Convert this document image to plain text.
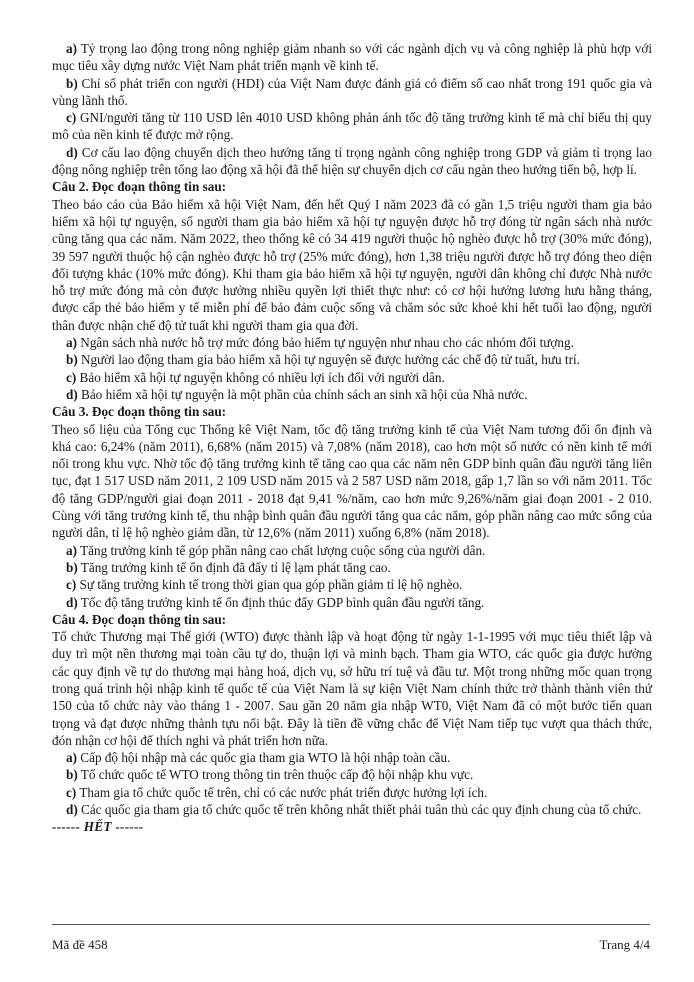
a) Tỷ trọng lao động trong nông nghiệp giảm nhanh so với các ngành dịch vụ và công nghiệp là phù hợp với mục tiêu xây dựng nước Việt Nam phát triển mạnh về kinh tế.

b) Chỉ số phát triển con người (HDI) của Việt Nam được đánh giá có điểm số cao nhất trong 191 quốc gia và vùng lãnh thổ.

c) GNI/người tăng từ 110 USD lên 4010 USD không phản ánh tốc độ tăng trưởng kinh tế mà chỉ biểu thị quy mô của nền kinh tế được mở rộng.

d) Cơ cấu lao động chuyển dịch theo hướng tăng tỉ trọng ngành công nghiệp trong GDP và giảm tỉ trọng lao động nông nghiệp trên tổng lao động xã hội đã thể hiện sự chuyển dịch cơ cấu ngàn theo hướng tiến bộ, hợp lí.

Câu 2. Đọc đoạn thông tin sau:

Theo báo cáo của Bảo hiểm xã hội Việt Nam, đến hết Quý I năm 2023 đã có gần 1,5 triệu người tham gia bảo hiểm xã hội tự nguyện, số người tham gia bảo hiểm xã hội tự nguyện được hỗ trợ đóng từ ngân sách nhà nước cũng tăng qua các năm. Năm 2022, theo thống kê có 34 419 người thuộc hộ nghèo được hỗ trợ (30% mức đóng), 39 597 người thuộc hộ cận nghèo được hỗ trợ (25% mức đóng), hơn 1,38 triệu người được hỗ trợ đóng theo diện đối tượng khác (10% mức đóng). Khi tham gia bảo hiểm xã hội tự nguyện, người dân không chỉ được Nhà nước hỗ trợ mức đóng mà còn được hưởng nhiều quyền lợi thiết thực như: có cơ hội hưởng lương hưu hằng tháng, được cấp thẻ bảo hiểm y tế miễn phí để bảo đảm cuộc sống và chăm sóc sức khoẻ khi hết tuổi lao động, người thân được nhận chế độ tử tuất khi người tham gia qua đời.

a) Ngân sách nhà nước hỗ trợ mức đóng bảo hiểm tự nguyện như nhau cho các nhóm đối tượng.

b) Người lao động tham gia bảo hiểm xã hội tự nguyện sẽ được hưởng các chế độ tử tuất, hưu trí.

c) Bảo hiểm xã hội tự nguyện không có nhiều lợi ích đối với người dân.

d) Bảo hiểm xã hội tự nguyện là một phần của chính sách an sinh xã hội của Nhà nước.

Câu 3. Đọc đoạn thông tin sau:

Theo số liệu của Tổng cục Thống kê Việt Nam, tốc độ tăng trưởng kinh tế của Việt Nam tương đối ổn định và khá cao: 6,24% (năm 2011), 6,68% (năm 2015) và 7,08% (năm 2018), cao hơn một số nước có nền kinh tế mới nổi trong khu vực. Nhờ tốc độ tăng trưởng kinh tế tăng cao qua các năm nên GDP bình quân đầu người tăng liên tục, đạt 1 517 USD năm 2011, 2 109 USD năm 2015 và 2 587 USD năm 2018, gấp 1,7 lần so với năm 2011. Tốc độ tăng GDP/người giai đoạn 2011 - 2018 đạt 9,41 %/năm, cao hơn mức 9,26%/năm giai đoạn 2001 - 2 010. Cùng với tăng trưởng kinh tế, thu nhập bình quân đầu người tăng qua các năm, góp phần nâng cao mức sống của người dân, tỉ lệ hộ nghèo giảm dần, từ 12,6% (năm 2011) xuống 6,8% (năm 2018).

a) Tăng trưởng kinh tế góp phần nâng cao chất lượng cuộc sống của người dân.

b) Tăng trưởng kinh tế ổn định đã đẩy tỉ lệ lạm phát tăng cao.

c) Sự tăng trưởng kinh tế trong thời gian qua góp phần giảm tỉ lệ hộ nghèo.

d) Tốc độ tăng trưởng kinh tế ổn định thúc đẩy GDP bình quân đầu người tăng.

Câu 4. Đọc đoạn thông tin sau:

Tổ chức Thương mại Thế giới (WTO) được thành lập và hoạt động từ ngày 1-1-1995 với mục tiêu thiết lập và duy trì một nền thương mại toàn cầu tự do, thuận lợi và minh bạch. Tham gia WTO, các quốc gia được hưởng các quy định về tự do thương mại hàng hoá, dịch vụ, sở hữu trí tuệ và đầu tư. Một trong những mốc quan trọng trong quá trình hội nhập kinh tế quốc tế của Việt Nam là sự kiện Việt Nam chính thức trở thành thành viên thứ 150 của tổ chức này vào tháng 1 - 2007. Sau gần 20 năm gia nhập WT0, Việt Nam đã có một bước tiến quan trọng và đạt được những thành tựu nổi bật. Đây là tiền đề vững chắc để Việt Nam tiếp tục vượt qua thách thức, đón nhận cơ hội để thích nghi và phát triển hơn nữa.

a) Cấp độ hội nhập mà các quốc gia tham gia WTO là hội nhập toàn cầu.

b) Tổ chức quốc tế WTO trong thông tin trên thuộc cấp độ hội nhập khu vực.

c) Tham gia tổ chức quốc tế trên, chỉ có các nước phát triển được hưởng lợi ích.

d) Các quốc gia tham gia tổ chức quốc tế trên không nhất thiết phải tuân thủ các quy định chung của tổ chức.

------ HẾT ------

Mã đề 458	Trang 4/4
